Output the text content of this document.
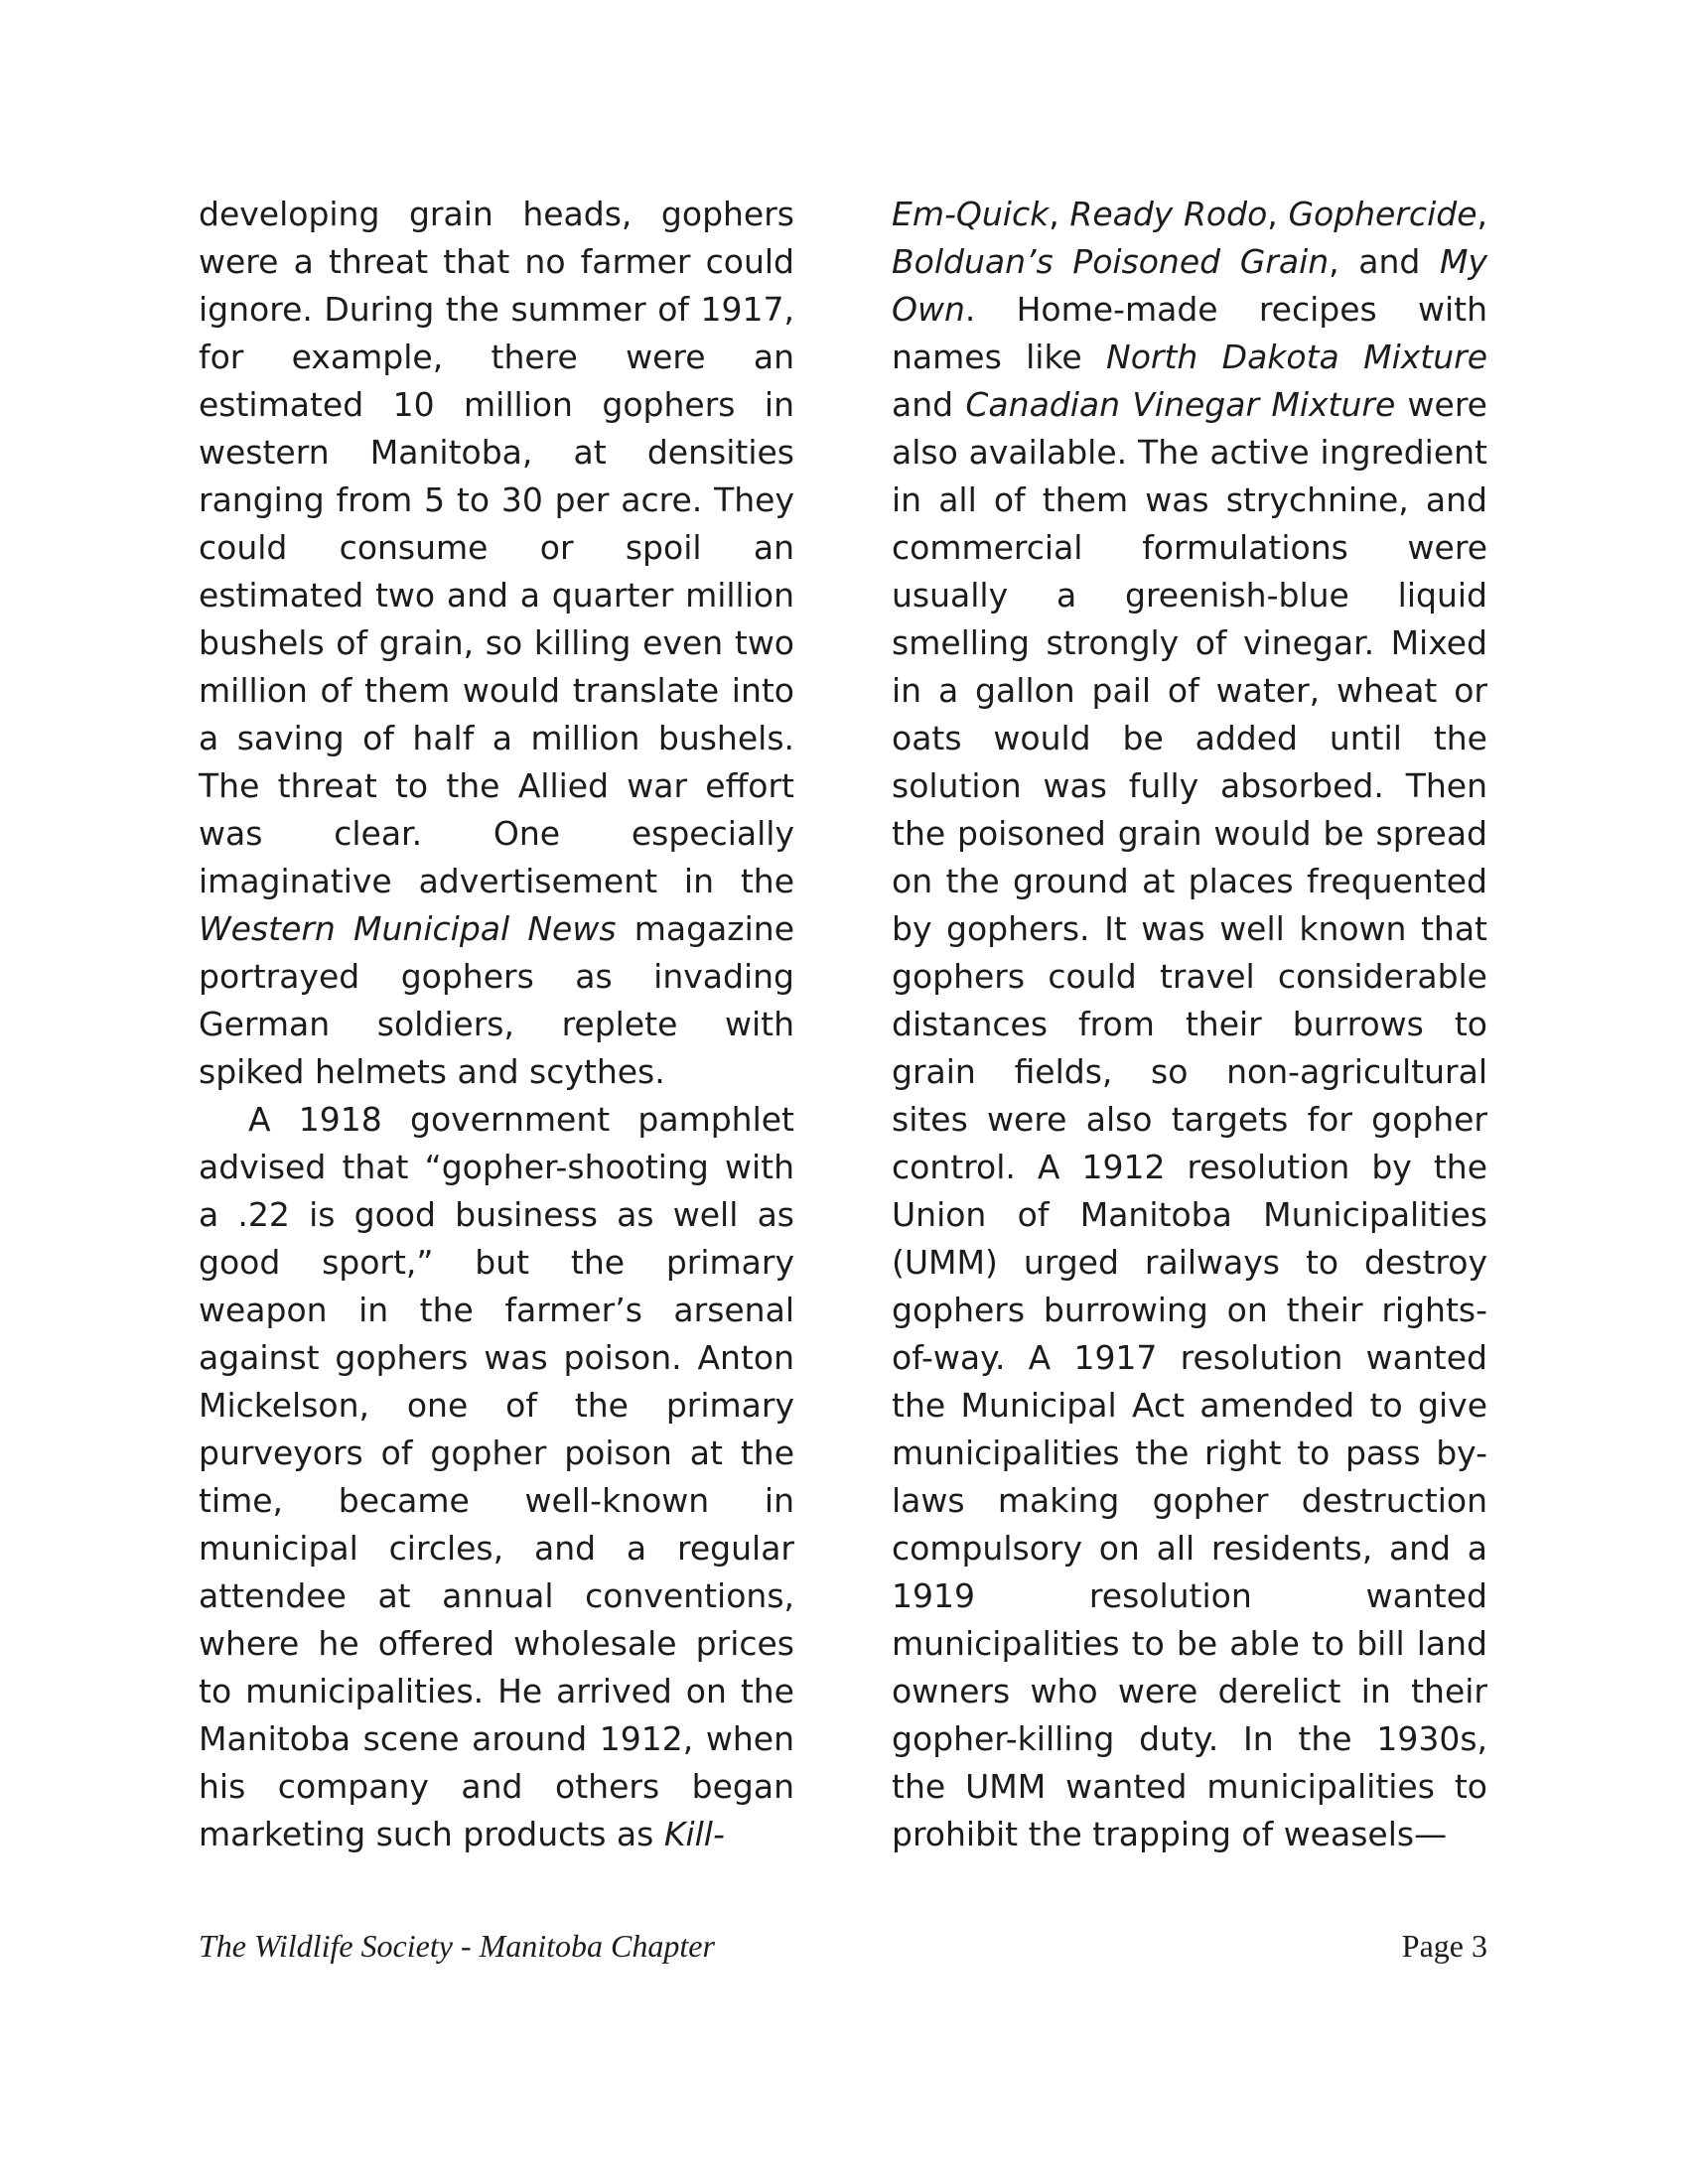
developing grain heads, gophers were a threat that no farmer could ignore. During the summer of 1917, for example, there were an estimated 10 million gophers in western Manitoba, at densities ranging from 5 to 30 per acre. They could consume or spoil an estimated two and a quarter million bushels of grain, so killing even two million of them would translate into a saving of half a million bushels. The threat to the Allied war effort was clear. One especially imaginative advertisement in the Western Municipal News magazine portrayed gophers as invading German soldiers, replete with spiked helmets and scythes.

A 1918 government pamphlet advised that “gopher-shooting with a .22 is good business as well as good sport,” but the primary weapon in the farmer’s arsenal against gophers was poison. Anton Mickelson, one of the primary purveyors of gopher poison at the time, became well-known in municipal circles, and a regular attendee at annual conventions, where he offered wholesale prices to municipalities. He arrived on the Manitoba scene around 1912, when his company and others began marketing such products as Kill-

Em-Quick, Ready Rodo, Gophercide, Bolduan’s Poisoned Grain, and My Own. Home-made recipes with names like North Dakota Mixture and Canadian Vinegar Mixture were also available. The active ingredient in all of them was strychnine, and commercial formulations were usually a greenish-blue liquid smelling strongly of vinegar. Mixed in a gallon pail of water, wheat or oats would be added until the solution was fully absorbed. Then the poisoned grain would be spread on the ground at places frequented by gophers. It was well known that gophers could travel considerable distances from their burrows to grain fields, so non-agricultural sites were also targets for gopher control. A 1912 resolution by the Union of Manitoba Municipalities (UMM) urged railways to destroy gophers burrowing on their rights-of-way. A 1917 resolution wanted the Municipal Act amended to give municipalities the right to pass by-laws making gopher destruction compulsory on all residents, and a 1919 resolution wanted municipalities to be able to bill land owners who were derelict in their gopher-killing duty. In the 1930s, the UMM wanted municipalities to prohibit the trapping of weasels—

The Wildlife Society - Manitoba Chapter	Page 3
